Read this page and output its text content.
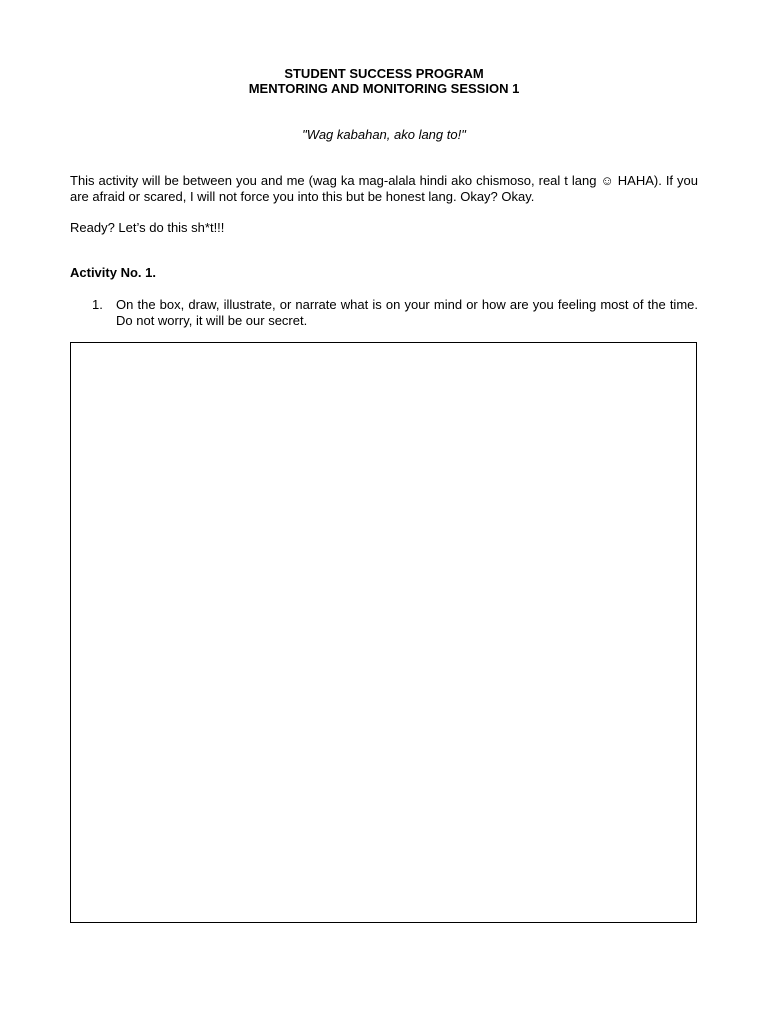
STUDENT SUCCESS PROGRAM
MENTORING AND MONITORING SESSION 1
"Wag kabahan, ako lang to!"
This activity will be between you and me (wag ka mag-alala hindi ako chismoso, real t lang ☺ HAHA). If you are afraid or scared, I will not force you into this but be honest lang. Okay? Okay.
Ready? Let’s do this sh*t!!!
Activity No. 1.
1.	On the box, draw, illustrate, or narrate what is on your mind or how are you feeling most of the time. Do not worry, it will be our secret.
